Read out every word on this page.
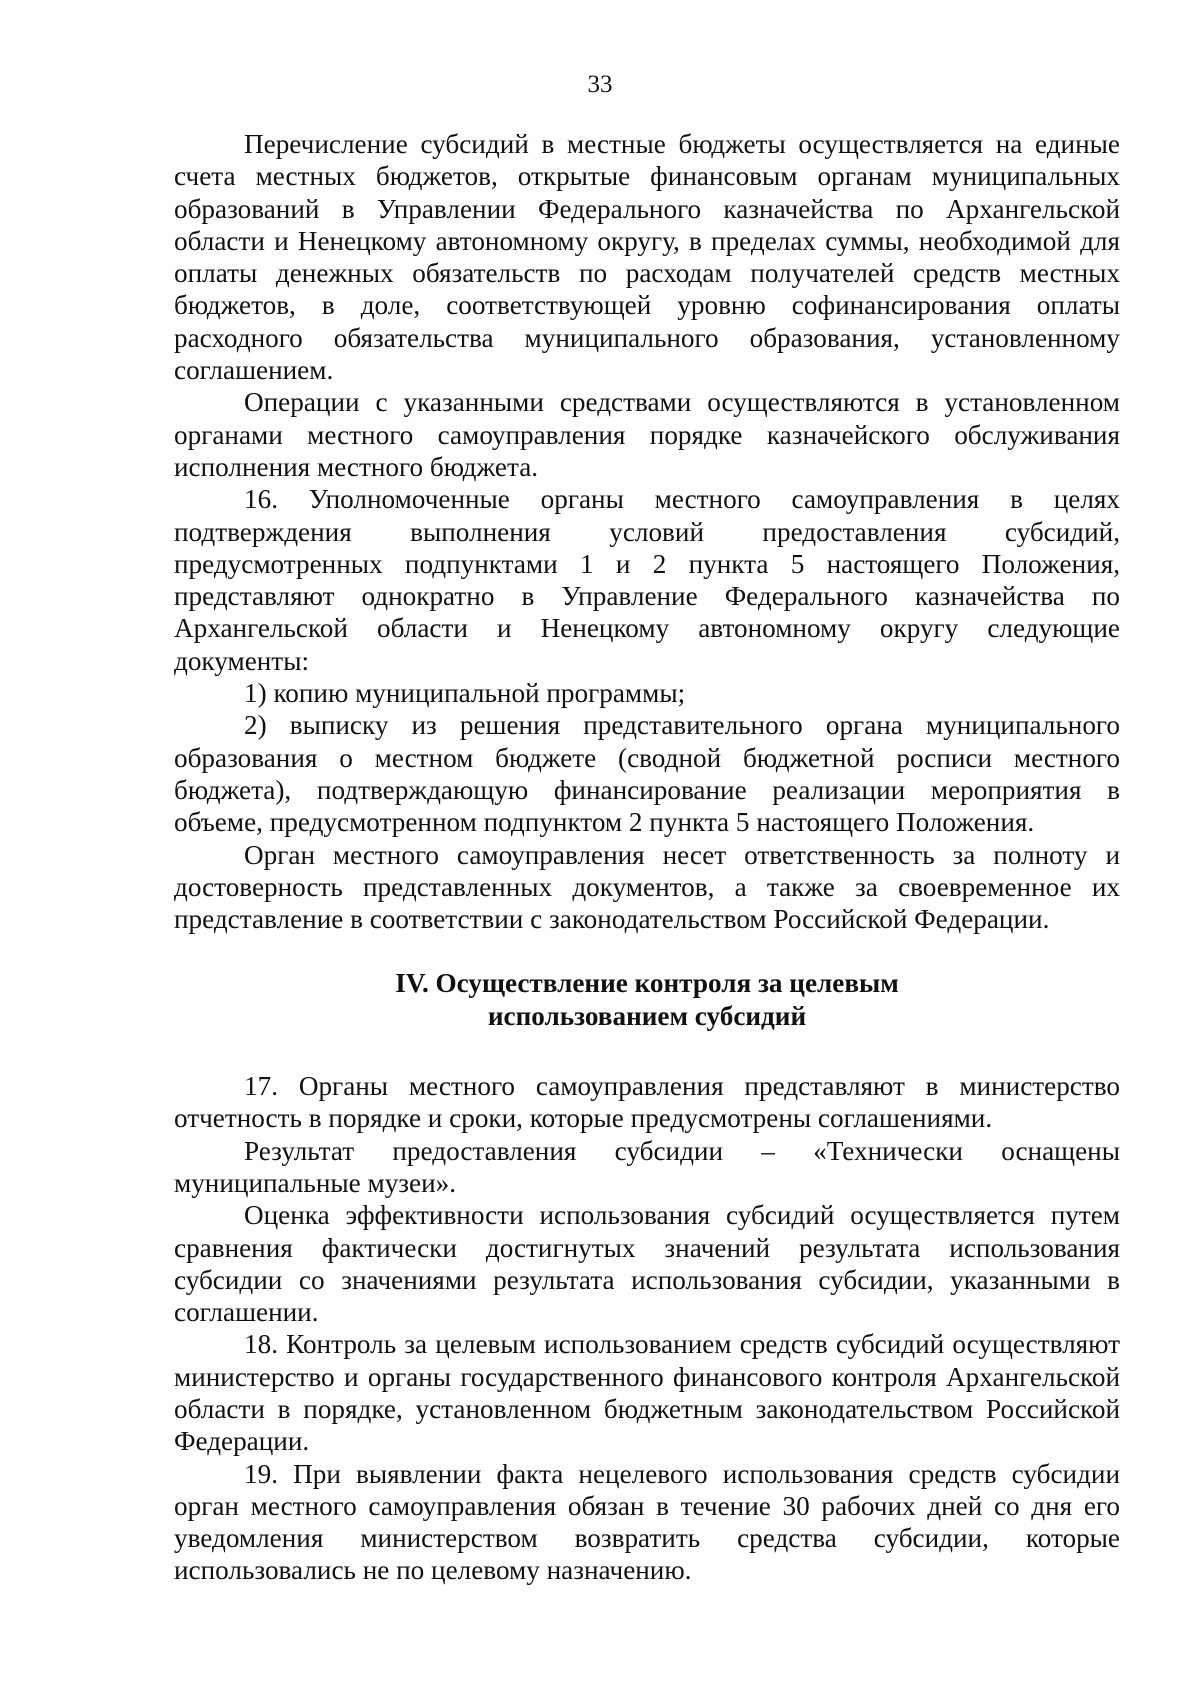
33

Перечисление субсидий в местные бюджеты осуществляется на единые счета местных бюджетов, открытые финансовым органам муниципальных образований в Управлении Федерального казначейства по Архангельской области и Ненецкому автономному округу, в пределах суммы, необходимой для оплаты денежных обязательств по расходам получателей средств местных бюджетов, в доле, соответствующей уровню софинансирования оплаты расходного обязательства муниципального образования, установленному соглашением.

Операции с указанными средствами осуществляются в установленном органами местного самоуправления порядке казначейского обслуживания исполнения местного бюджета.

16. Уполномоченные органы местного самоуправления в целях подтверждения выполнения условий предоставления субсидий, предусмотренных подпунктами 1 и 2 пункта 5 настоящего Положения, представляют однократно в Управление Федерального казначейства по Архангельской области и Ненецкому автономному округу следующие документы:

1) копию муниципальной программы;

2) выписку из решения представительного органа муниципального образования о местном бюджете (сводной бюджетной росписи местного бюджета), подтверждающую финансирование реализации мероприятия в объеме, предусмотренном подпунктом 2 пункта 5 настоящего Положения.

Орган местного самоуправления несет ответственность за полноту и достоверность представленных документов, а также за своевременное их представление в соответствии с законодательством Российской Федерации.

IV. Осуществление контроля за целевым
использованием субсидий

17. Органы местного самоуправления представляют в министерство отчетность в порядке и сроки, которые предусмотрены соглашениями.

Результат предоставления субсидии – «Технически оснащены муниципальные музеи».

Оценка эффективности использования субсидий осуществляется путем сравнения фактически достигнутых значений результата использования субсидии со значениями результата использования субсидии, указанными в соглашении.

18. Контроль за целевым использованием средств субсидий осуществляют министерство и органы государственного финансового контроля Архангельской области в порядке, установленном бюджетным законодательством Российской Федерации.

19. При выявлении факта нецелевого использования средств субсидии орган местного самоуправления обязан в течение 30 рабочих дней со дня его уведомления министерством возвратить средства субсидии, которые использовались не по целевому назначению.
